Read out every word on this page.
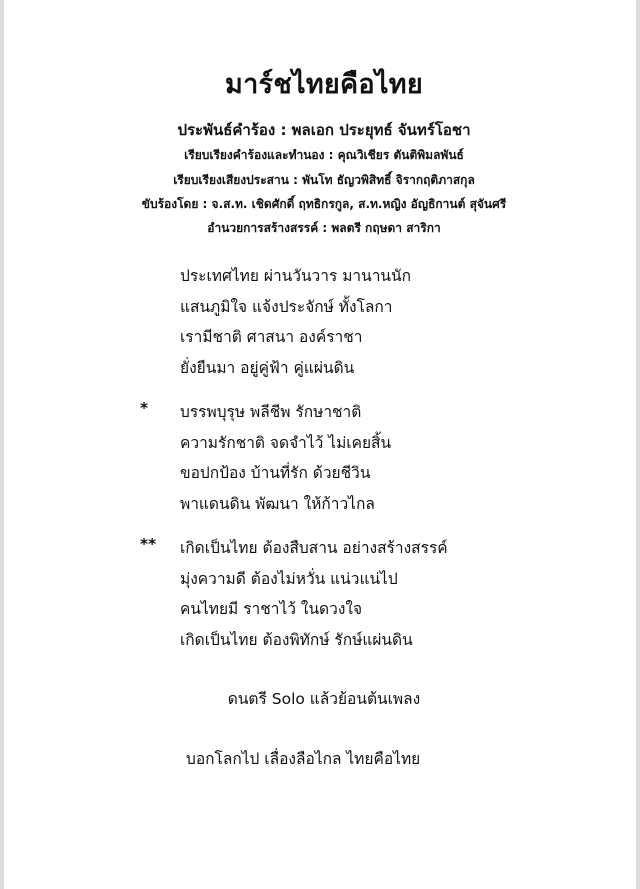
มาร์ชไทยคือไทย
ประพันธ์คำร้อง : พลเอก ประยุทธ์ จันทร์โอชา
เรียบเรียงคำร้องและทำนอง : คุณวิเชียร ตันติพิมลพันธ์
เรียบเรียงเสียงประสาน : พันโท ธัญวพิสิทธิ์ จิรากฤติภาสกุล
ขับร้องโดย : จ.ส.ท. เชิดศักดิ์ ฤทธิกรกูล, ส.ท.หญิง อัญธิกานต์ สุจันศรี
อำนวยการสร้างสรรค์ : พลตรี กฤษดา สาริกา
ประเทศไทย ผ่านวันวาร มานานนัก
แสนภูมิใจ แจ้งประจักษ์ ทั้งโลกา
เรามีชาติ ศาสนา องค์ราชา
ยั่งยืนมา อยู่คู่ฟ้า คู่แผ่นดิน
*	บรรพบุรุษ พลีชีพ รักษาชาติ
ความรักชาติ จดจำไว้ ไม่เคยสิ้น
ขอปกป้อง บ้านที่รัก ด้วยชีวิน
พาแดนดิน พัฒนา ให้ก้าวไกล
**	เกิดเป็นไทย ต้องสืบสาน อย่างสร้างสรรค์
มุ่งความดี ต้องไม่หวั่น แน่วแน่ไป
คนไทยมี ราชาไว้ ในดวงใจ
เกิดเป็นไทย ต้องพิทักษ์ รักษ์แผ่นดิน
ดนตรี Solo แล้วย้อนต้นเพลง
บอกโลกไป เลื่องลือไกล ไทยคือไทย
